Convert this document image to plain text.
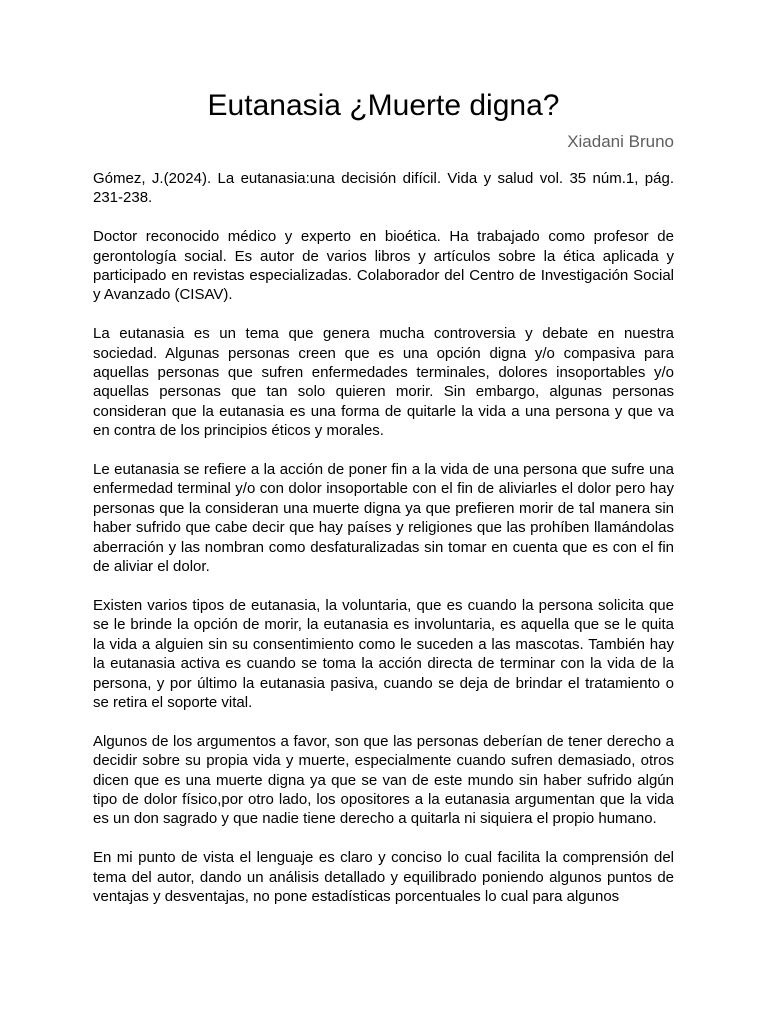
Eutanasia ¿Muerte digna?
Xiadani Bruno

Gómez, J.(2024). La eutanasia:una decisión difícil. Vida y salud vol. 35 núm.1, pág. 231-238.

Doctor reconocido médico y experto en bioética. Ha trabajado como profesor de gerontología social. Es autor de varios libros y artículos sobre la ética aplicada y participado en revistas especializadas. Colaborador del Centro de Investigación Social y Avanzado (CISAV).

La eutanasia es un tema que genera mucha controversia y debate en nuestra sociedad. Algunas personas creen que es una opción digna y/o compasiva para aquellas personas que sufren enfermedades terminales, dolores insoportables y/o aquellas personas que tan solo quieren morir. Sin embargo, algunas personas consideran que la eutanasia es una forma de quitarle la vida a una persona y que va en contra de los principios éticos y morales.

Le eutanasia se refiere a la acción de poner fin a la vida de una persona que sufre una enfermedad terminal y/o con dolor insoportable con el fin de aliviarles el dolor pero hay personas que la consideran una muerte digna ya que prefieren morir de tal manera sin haber sufrido que cabe decir que hay países y religiones que las prohíben llamándolas aberración y las nombran como desfaturalizadas sin tomar en cuenta que es con el fin de aliviar el dolor.

Existen varios tipos de eutanasia, la voluntaria, que es cuando la persona solicita que se le brinde la opción de morir, la eutanasia es involuntaria, es aquella que se le quita la vida a alguien sin su consentimiento como le suceden a las mascotas. También hay la eutanasia activa es cuando se toma la acción directa de terminar con la vida de la persona, y por último la eutanasia pasiva, cuando se deja de brindar el tratamiento o se retira el soporte vital.

Algunos de los argumentos a favor, son que las personas deberían de tener derecho a decidir sobre su propia vida y muerte, especialmente cuando sufren demasiado, otros dicen que es una muerte digna ya que se van de este mundo sin haber sufrido algún tipo de dolor físico,por otro lado, los opositores a la eutanasia argumentan que la vida es un don sagrado y que nadie tiene derecho a quitarla ni siquiera el propio humano.

En mi punto de vista el lenguaje es claro y conciso lo cual facilita la comprensión del tema del autor, dando un análisis detallado y equilibrado poniendo algunos puntos de ventajas y desventajas, no pone estadísticas porcentuales lo cual para algunos
